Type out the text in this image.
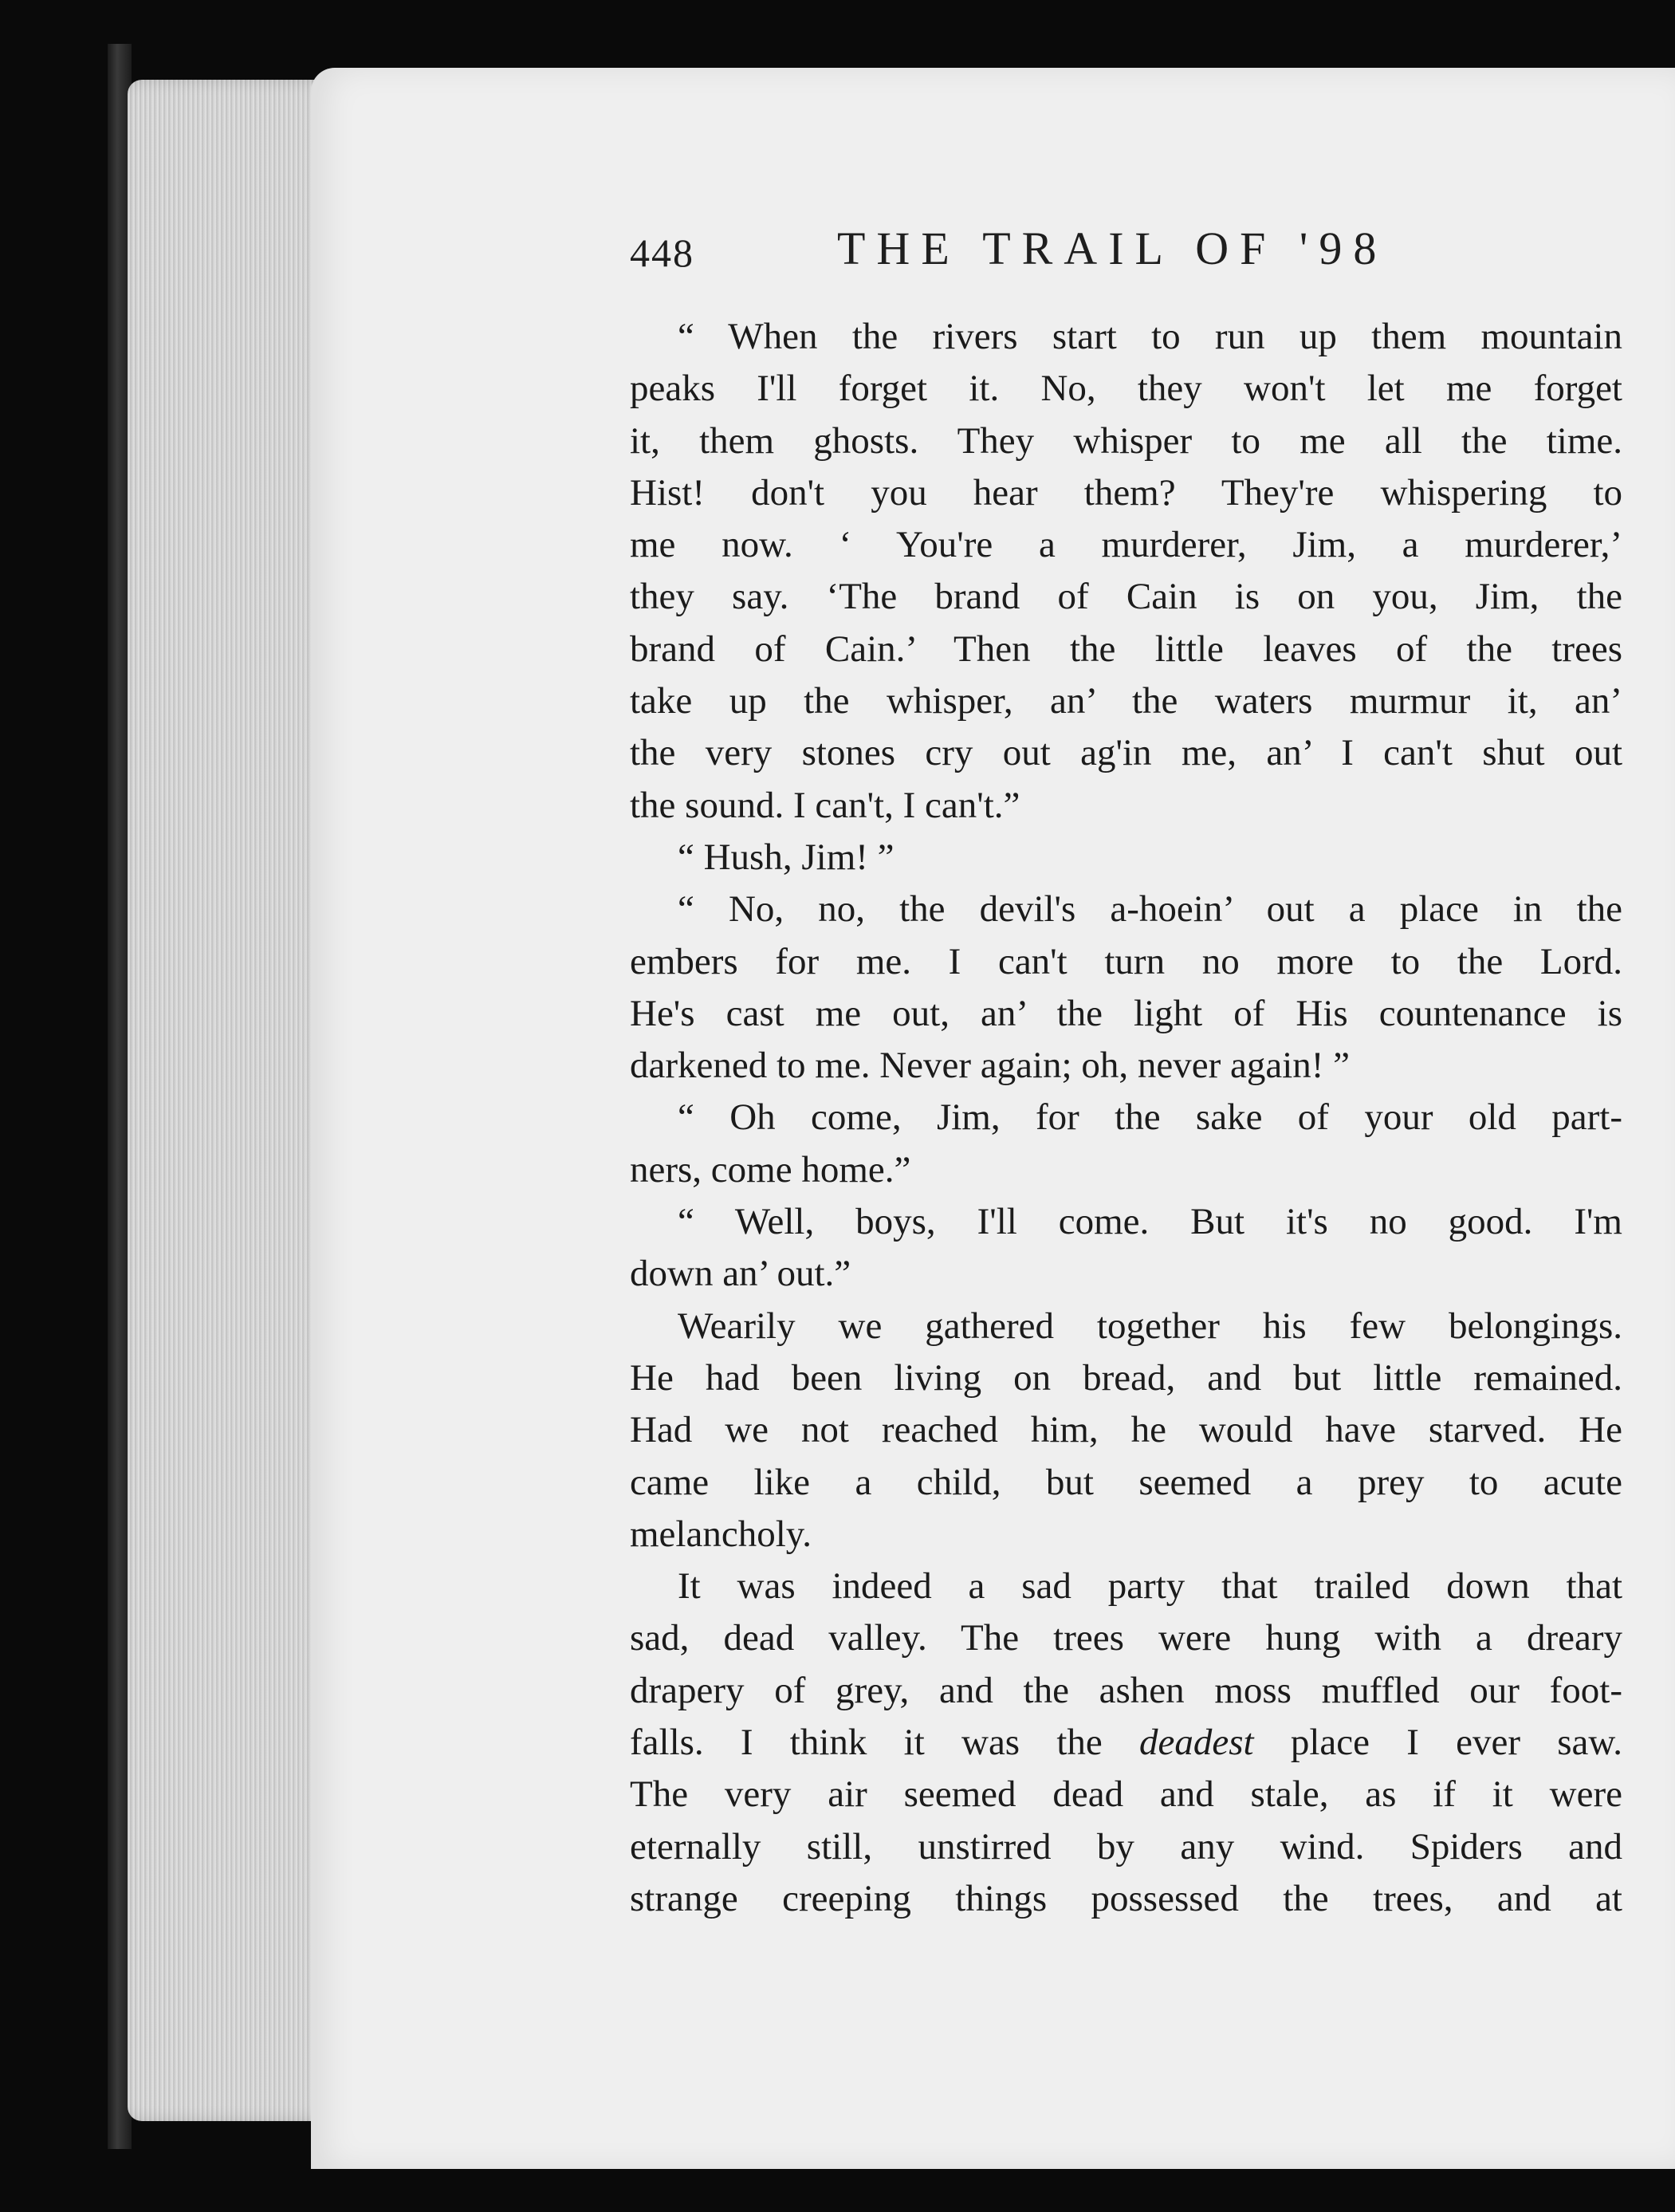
448	THE TRAIL OF '98
“ When the rivers start to run up them mountain
peaks I'll forget it. No, they won't let me forget
it, them ghosts. They whisper to me all the time.
Hist! don't you hear them? They're whispering to
me now. ‘ You're a murderer, Jim, a murderer,’
they say. ‘The brand of Cain is on you, Jim, the
brand of Cain.’ Then the little leaves of the trees
take up the whisper, an’ the waters murmur it, an’
the very stones cry out ag'in me, an’ I can't shut out
the sound. I can't, I can't.”
“ Hush, Jim! ”
“ No, no, the devil's a-hoein’ out a place in the
embers for me. I can't turn no more to the Lord.
He's cast me out, an’ the light of His countenance is
darkened to me. Never again; oh, never again! ”
“ Oh come, Jim, for the sake of your old part-
ners, come home.”
“ Well, boys, I'll come. But it's no good. I'm
down an’ out.”
Wearily we gathered together his few belongings.
He had been living on bread, and but little remained.
Had we not reached him, he would have starved. He
came like a child, but seemed a prey to acute
melancholy.
It was indeed a sad party that trailed down that
sad, dead valley. The trees were hung with a dreary
drapery of grey, and the ashen moss muffled our foot-
falls. I think it was the deadest place I ever saw.
The very air seemed dead and stale, as if it were
eternally still, unstirred by any wind. Spiders and
strange creeping things possessed the trees, and at
